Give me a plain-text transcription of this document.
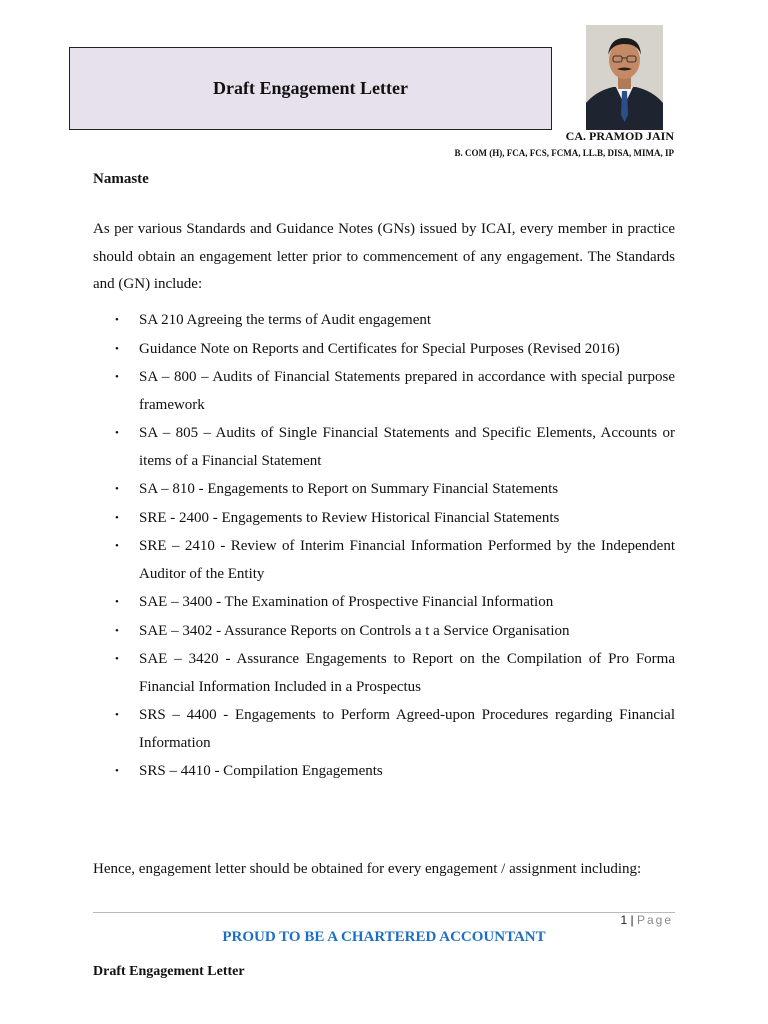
Draft Engagement Letter
CA. PRAMOD JAIN
B. COM (H), FCA, FCS, FCMA, LL.B, DISA, MIMA, IP
Namaste
As per various Standards and Guidance Notes (GNs) issued by ICAI, every member in practice should obtain an engagement letter prior to commencement of any engagement. The Standards and (GN) include:
• SA 210 Agreeing the terms of Audit engagement
• Guidance Note on Reports and Certificates for Special Purposes (Revised 2016)
• SA – 800 – Audits of Financial Statements prepared in accordance with special purpose framework
• SA – 805 – Audits of Single Financial Statements and Specific Elements, Accounts or items of a Financial Statement
• SA – 810 - Engagements to Report on Summary Financial Statements
• SRE - 2400 - Engagements to Review Historical Financial Statements
• SRE – 2410 - Review of Interim Financial Information Performed by the Independent Auditor of the Entity
• SAE – 3400 - The Examination of Prospective Financial Information
• SAE – 3402 - Assurance Reports on Controls a t a Service Organisation
• SAE – 3420 - Assurance Engagements to Report on the Compilation of Pro Forma Financial Information Included in a Prospectus
• SRS – 4400 - Engagements to Perform Agreed-upon Procedures regarding Financial Information
• SRS – 4410 - Compilation Engagements
Hence, engagement letter should be obtained for every engagement / assignment including:
1 | Page
PROUD TO BE A CHARTERED ACCOUNTANT
Draft Engagement Letter
